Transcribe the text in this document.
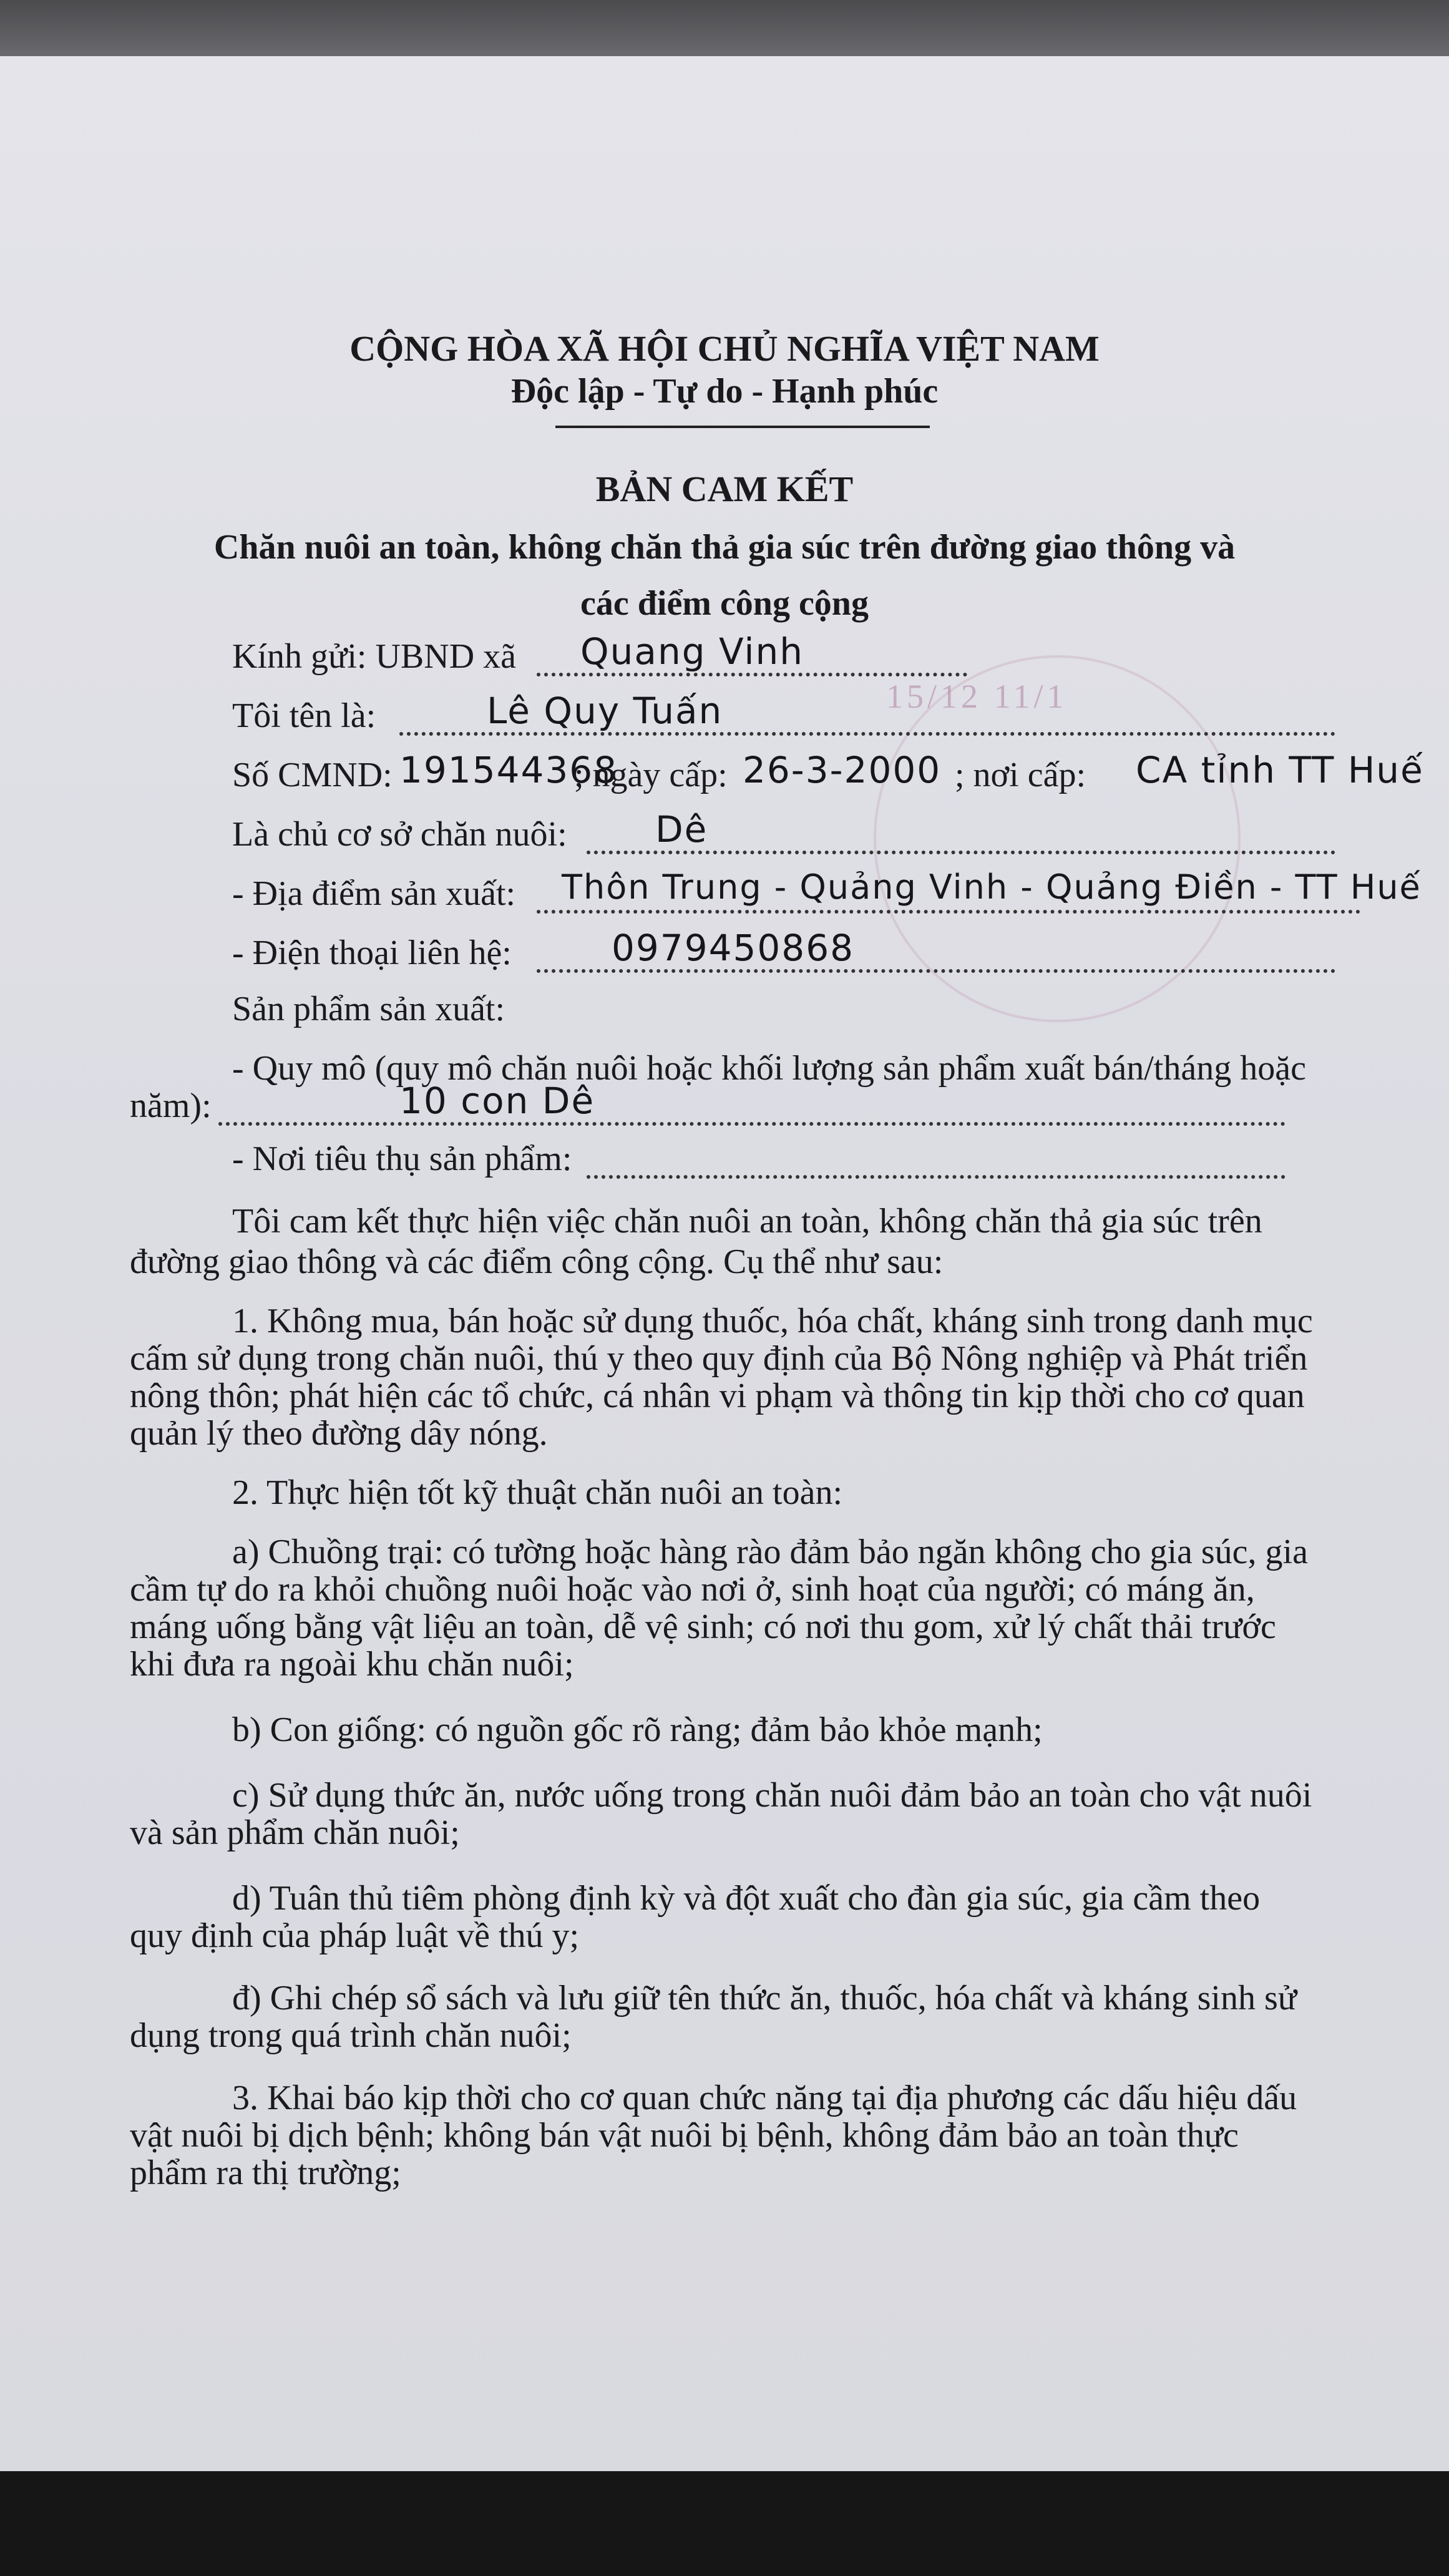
15/12 11/1
CỘNG HÒA XÃ HỘI CHỦ NGHĨA VIỆT NAM
Độc lập - Tự do - Hạnh phúc
BẢN CAM KẾT
Chăn nuôi an toàn, không chăn thả gia súc trên đường giao thông và
các điểm công cộng
Kính gửi: UBND xã Quang Vinh
Tôi tên là:	Lê Quy Tuấn
Số CMND: 191544368
; ngày cấp: 26-3-2000 ; nơi cấp: CA tỉnh TT Huế
Là chủ cơ sở chăn nuôi: Dê
- Địa điểm sản xuất: Thôn Trung - Quảng Vinh - Quảng Điền - TT Huế
- Điện thoại liên hệ:	0979450868
Sản phẩm sản xuất:
- Quy mô (quy mô chăn nuôi hoặc khối lượng sản phẩm xuất bán/tháng hoặc
năm):	10 con Dê
- Nơi tiêu thụ sản phẩm:
Tôi cam kết thực hiện việc chăn nuôi an toàn, không chăn thả gia súc trên
đường giao thông và các điểm công cộng. Cụ thể như sau:
1. Không mua, bán hoặc sử dụng thuốc, hóa chất, kháng sinh trong danh mục
cấm sử dụng trong chăn nuôi, thú y theo quy định của Bộ Nông nghiệp và Phát triển
nông thôn; phát hiện các tổ chức, cá nhân vi phạm và thông tin kịp thời cho cơ quan
quản lý theo đường dây nóng.
2. Thực hiện tốt kỹ thuật chăn nuôi an toàn:
a) Chuồng trại: có tường hoặc hàng rào đảm bảo ngăn không cho gia súc, gia
cầm tự do ra khỏi chuồng nuôi hoặc vào nơi ở, sinh hoạt của người; có máng ăn,
máng uống bằng vật liệu an toàn, dễ vệ sinh; có nơi thu gom, xử lý chất thải trước
khi đưa ra ngoài khu chăn nuôi;
b) Con giống: có nguồn gốc rõ ràng; đảm bảo khỏe mạnh;
c) Sử dụng thức ăn, nước uống trong chăn nuôi đảm bảo an toàn cho vật nuôi
và sản phẩm chăn nuôi;
d) Tuân thủ tiêm phòng định kỳ và đột xuất cho đàn gia súc, gia cầm theo
quy định của pháp luật về thú y;
đ) Ghi chép sổ sách và lưu giữ tên thức ăn, thuốc, hóa chất và kháng sinh sử
dụng trong quá trình chăn nuôi;
3. Khai báo kịp thời cho cơ quan chức năng tại địa phương các dấu hiệu dấu
vật nuôi bị dịch bệnh; không bán vật nuôi bị bệnh, không đảm bảo an toàn thực
phẩm ra thị trường;
